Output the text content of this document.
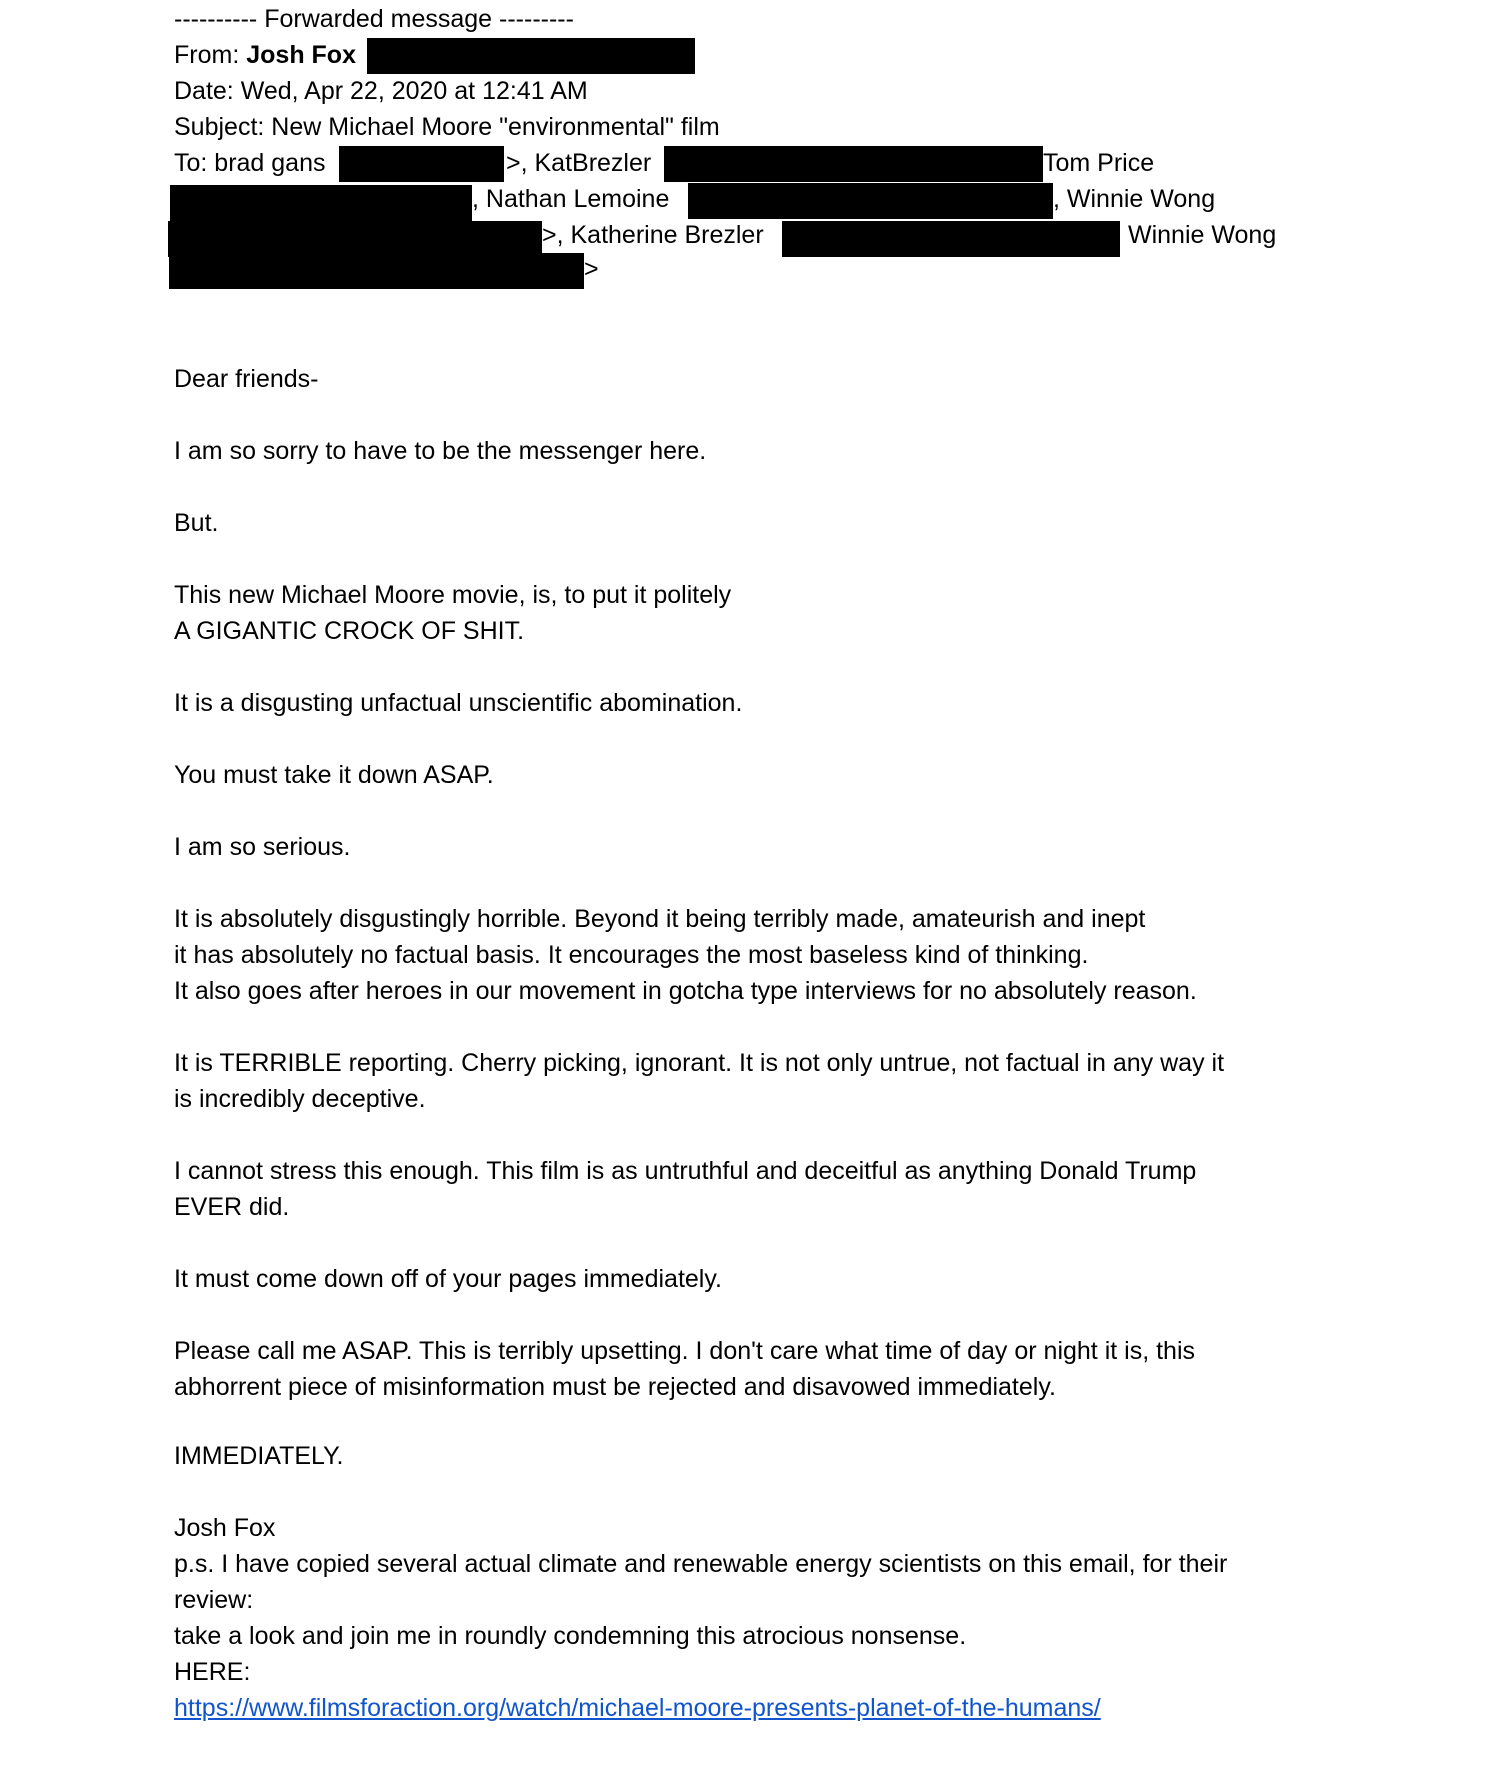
---------- Forwarded message ---------
From: Josh Fox
Date: Wed, Apr 22, 2020 at 12:41 AM
Subject: New Michael Moore "environmental" film
To: brad gans	>, KatBrezler	Tom Price
, Nathan Lemoine	, Winnie Wong
>, Katherine Brezler	Winnie Wong
>
Dear friends-
I am so sorry to have to be the messenger here.
But.
This new Michael Moore movie, is, to put it politely
A GIGANTIC CROCK OF SHIT.
It is a disgusting unfactual unscientific abomination.
You must take it down ASAP.
I am so serious.
It is absolutely disgustingly horrible. Beyond it being terribly made, amateurish and inept
it has absolutely no factual basis. It encourages the most baseless kind of thinking.
It also goes after heroes in our movement in gotcha type interviews for no absolutely reason.
It is TERRIBLE reporting. Cherry picking, ignorant. It is not only untrue, not factual in any way it
is incredibly deceptive.
I cannot stress this enough. This film is as untruthful and deceitful as anything Donald Trump
EVER did.
It must come down off of your pages immediately.
Please call me ASAP. This is terribly upsetting. I don't care what time of day or night it is, this
abhorrent piece of misinformation must be rejected and disavowed immediately.
IMMEDIATELY.
Josh Fox
p.s. I have copied several actual climate and renewable energy scientists on this email, for their
review:
take a look and join me in roundly condemning this atrocious nonsense.
HERE:
https://www.filmsforaction.org/watch/michael-moore-presents-planet-of-the-humans/
